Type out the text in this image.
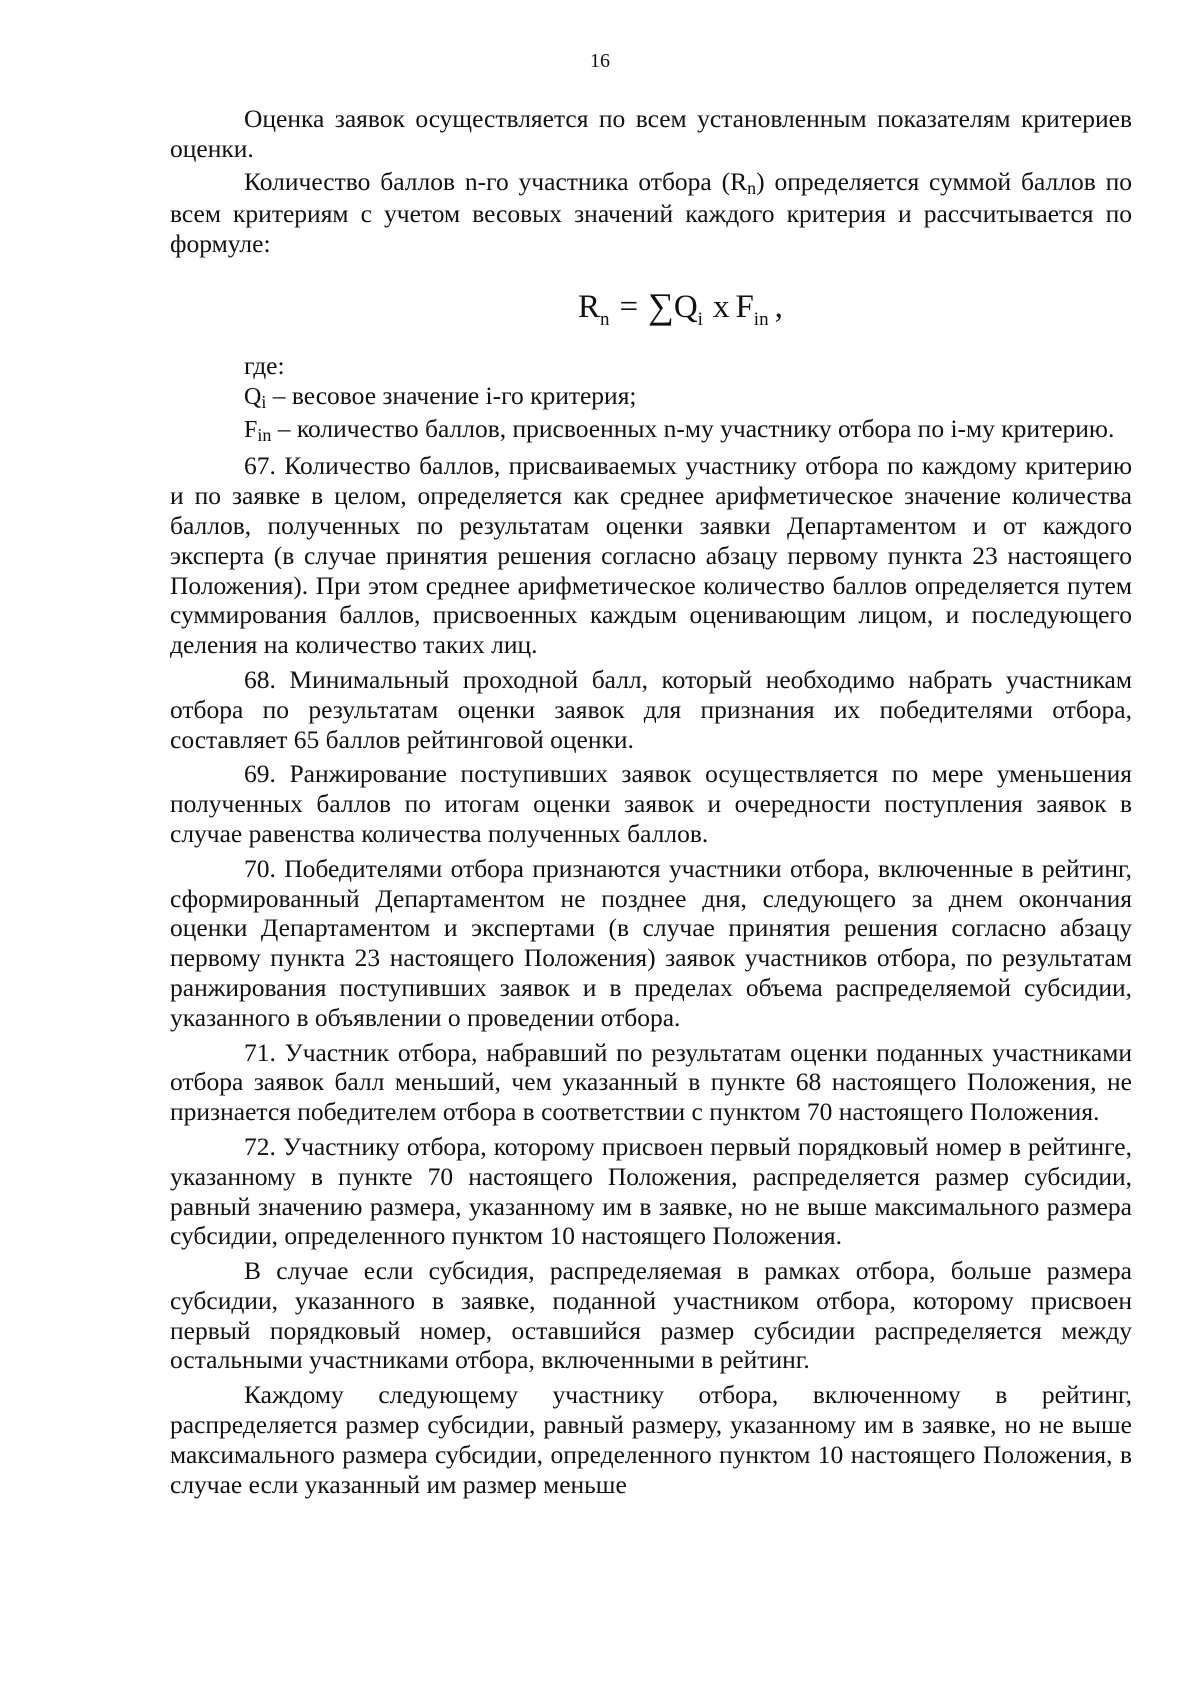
16

Оценка заявок осуществляется по всем установленным показателям критериев оценки.

Количество баллов n-го участника отбора (Rn) определяется суммой баллов по всем критериям с учетом весовых значений каждого критерия и рассчитывается по формуле:

$R_n = \sum Q_i$ x $F_{in}$ ,

где:

Qi – весовое значение i-го критерия;

Fin – количество баллов, присвоенных n-му участнику отбора по i-му критерию.

67. Количество баллов, присваиваемых участнику отбора по каждому критерию и по заявке в целом, определяется как среднее арифметическое значение количества баллов, полученных по результатам оценки заявки Департаментом и от каждого эксперта (в случае принятия решения согласно абзацу первому пункта 23 настоящего Положения). При этом среднее арифметическое количество баллов определяется путем суммирования баллов, присвоенных каждым оценивающим лицом, и последующего деления на количество таких лиц.

68. Минимальный проходной балл, который необходимо набрать участникам отбора по результатам оценки заявок для признания их победителями отбора, составляет 65 баллов рейтинговой оценки.

69. Ранжирование поступивших заявок осуществляется по мере уменьшения полученных баллов по итогам оценки заявок и очередности поступления заявок в случае равенства количества полученных баллов.

70. Победителями отбора признаются участники отбора, включенные в рейтинг, сформированный Департаментом не позднее дня, следующего за днем окончания оценки Департаментом и экспертами (в случае принятия решения согласно абзацу первому пункта 23 настоящего Положения) заявок участников отбора, по результатам ранжирования поступивших заявок и в пределах объема распределяемой субсидии, указанного в объявлении о проведении отбора.

71. Участник отбора, набравший по результатам оценки поданных участниками отбора заявок балл меньший, чем указанный в пункте 68 настоящего Положения, не признается победителем отбора в соответствии с пунктом 70 настоящего Положения.

72. Участнику отбора, которому присвоен первый порядковый номер в рейтинге, указанному в пункте 70 настоящего Положения, распределяется размер субсидии, равный значению размера, указанному им в заявке, но не выше максимального размера субсидии, определенного пунктом 10 настоящего Положения.

В случае если субсидия, распределяемая в рамках отбора, больше размера субсидии, указанного в заявке, поданной участником отбора, которому присвоен первый порядковый номер, оставшийся размер субсидии распределяется между остальными участниками отбора, включенными в рейтинг.

Каждому следующему участнику отбора, включенному в рейтинг, распределяется размер субсидии, равный размеру, указанному им в заявке, но не выше максимального размера субсидии, определенного пунктом 10 настоящего Положения, в случае если указанный им размер меньше
